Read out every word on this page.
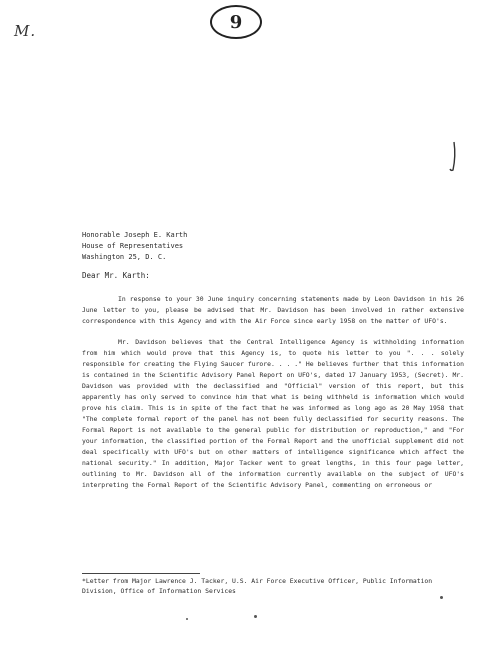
M.	9
Honorable Joseph E. Karth
House of Representatives
Washington 25, D. C.
Dear Mr. Karth:

In response to your 30 June inquiry concerning statements made by Leon Davidson in his 26 June letter to you, please be advised that Mr. Davidson has been involved in rather extensive correspondence with this Agency and with the Air Force since early 1958 on the matter of UFO's.

Mr. Davidson believes that the Central Intelligence Agency is withholding information from him which would prove that this Agency is, to quote his letter to you ". . . solely responsible for creating the Flying Saucer furore. . . ." He believes further that this information is contained in the Scientific Advisory Panel Report on UFO's, dated 17 January 1953, (Secret). Mr. Davidson was provided with the declassified and "Official" version of this report, but this apparently has only served to convince him that what is being withheld is information which would prove his claim. This is in spite of the fact that he was informed as long ago as 20 May 1958 that "The complete formal report of the panel has not been fully declassified for security reasons. The Formal Report is not available to the general public for distribution or reproduction," and "For your information, the classified portion of the Formal Report and the unofficial supplement did not deal specifically with UFO's but on other matters of intelligence significance which affect the national security." In addition, Major Tacker went to great lengths, in this four page letter, outlining to Mr. Davidson all of the information currently available on the subject of UFO's interpreting the Formal Report of the Scientific Advisory Panel, commenting on erroneous or

*Letter from Major Lawrence J. Tacker, U.S. Air Force Executive Officer, Public Information Division, Office of Information Services
